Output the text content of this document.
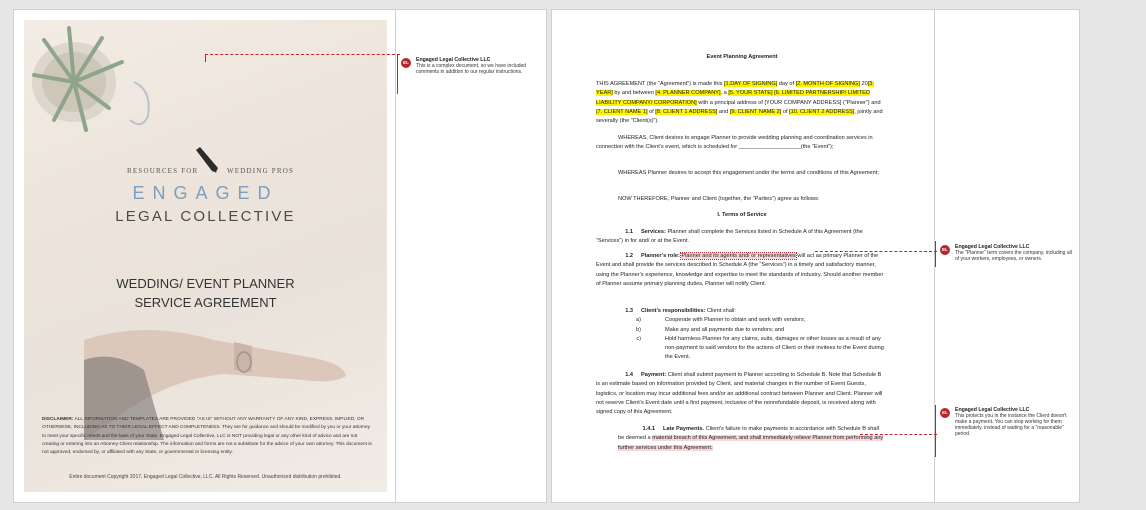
RESOURCES FOR	WEDDING PROS
ENGAGED
LEGAL COLLECTIVE
WEDDING/ EVENT PLANNER
SERVICE AGREEMENT
DISCLAIMER: ALL INFORMATION AND TEMPLATES ARE PROVIDED "AS IS" WITHOUT ANY WARRANTY OF ANY KIND, EXPRESS, IMPLIED, OR OTHERWISE, INCLUDING AS TO THEIR LEGAL EFFECT AND COMPLETENESS. They are for guidance and should be modified by you or your attorney to meet your specific needs and the laws of your State. Engaged Legal Collective, LLC is NOT providing legal or any other kind of advice and are not creating or entering into an Attorney-Client relationship. The information and forms are not a substitute for the advice of your own attorney. This document is not approved, endorsed by, or affiliated with any State, or governmental or licensing entity.
Entire document Copyright 2017, Engaged Legal Collective, LLC. All Rights Reserved. Unauthorized distribution prohibited.
EL	Engaged Legal Collective LLC
This is a complex document, so we have included comments in addition to our regular instructions.
Event Planning Agreement
THIS AGREEMENT (the “Agreement”) is made this [1.DAY OF SIGNING] day of [2. MONTH OF SIGNING] 20[3. YEAR] by and between [4. PLANNER COMPANY], a [5. YOUR STATE] [6. LIMITED PARTNERSHIP/ LIMITED LIABILITY COMPANY/ CORPORATION] with a principal address of [YOUR COMPANY ADDRESS] (“Planner”) and [7. CLIENT NAME 1] of [8. CLIENT 1 ADDRESS] and [9. CLIENT NAME 2] of [10. CLIENT 2 ADDRESS], jointly and severally (the “Client(s)”).
WHEREAS, Client desires to engage Planner to provide wedding planning and coordination services in connection with the Client’s event, which is scheduled for ____________________(the “Event”);
WHEREAS Planner desires to accept this engagement under the terms and conditions of this Agreement;
NOW THEREFORE, Planner and Client (together, the “Parties”) agree as follows:
I. Terms of Service
1.1 Services: Planner shall complete the Services listed in Schedule A of this Agreement (the “Services”) in for and/ or at the Event.
1.2 Planner’s role: Planner and its agents and/ or representatives will act as primary Planner of the Event and shall provide the services described in Schedule A (the “Services”) in a timely and satisfactory manner, using the Planner’s experience, knowledge and expertise to meet the standards of industry. Should another member of Planner assume primary planning duties, Planner will notify Client.
1.3 Client’s responsibilities: Client shall:
a)	Cooperate with Planner to obtain and work with vendors;
b)	Make any and all payments due to vendors; and
c)	Hold harmless Planner for any claims, suits, damages or other losses as a result of any non-payment to said vendors for the actions of Client or their invitees to the Event during the Event.
1.4 Payment: Client shall submit payment to Planner according to Schedule B. Note that Schedule B is an estimate based on information provided by Client, and material changes in the number of Event Guests, logistics, or location may incur additional fees and/or an additional contract between Planner and Client. Planner will not reserve Client’s Event date until a first payment, inclusive of the nonrefundable deposit, is received along with signed copy of this Agreement.
1.4.1 Late Payments. Client’s failure to make payments in accordance with Schedule B shall be deemed a material breach of this Agreement, and shall immediately relieve Planner from performing any further services under this Agreement.
EL	Engaged Legal Collective LLC
The "Planner" term covers the company, including all of your workers, employees, or owners.
EL	Engaged Legal Collective LLC
This protects you in the instance the Client doesn't make a payment. You can stop working for them immediately, instead of waiting for a "reasonable" period.
